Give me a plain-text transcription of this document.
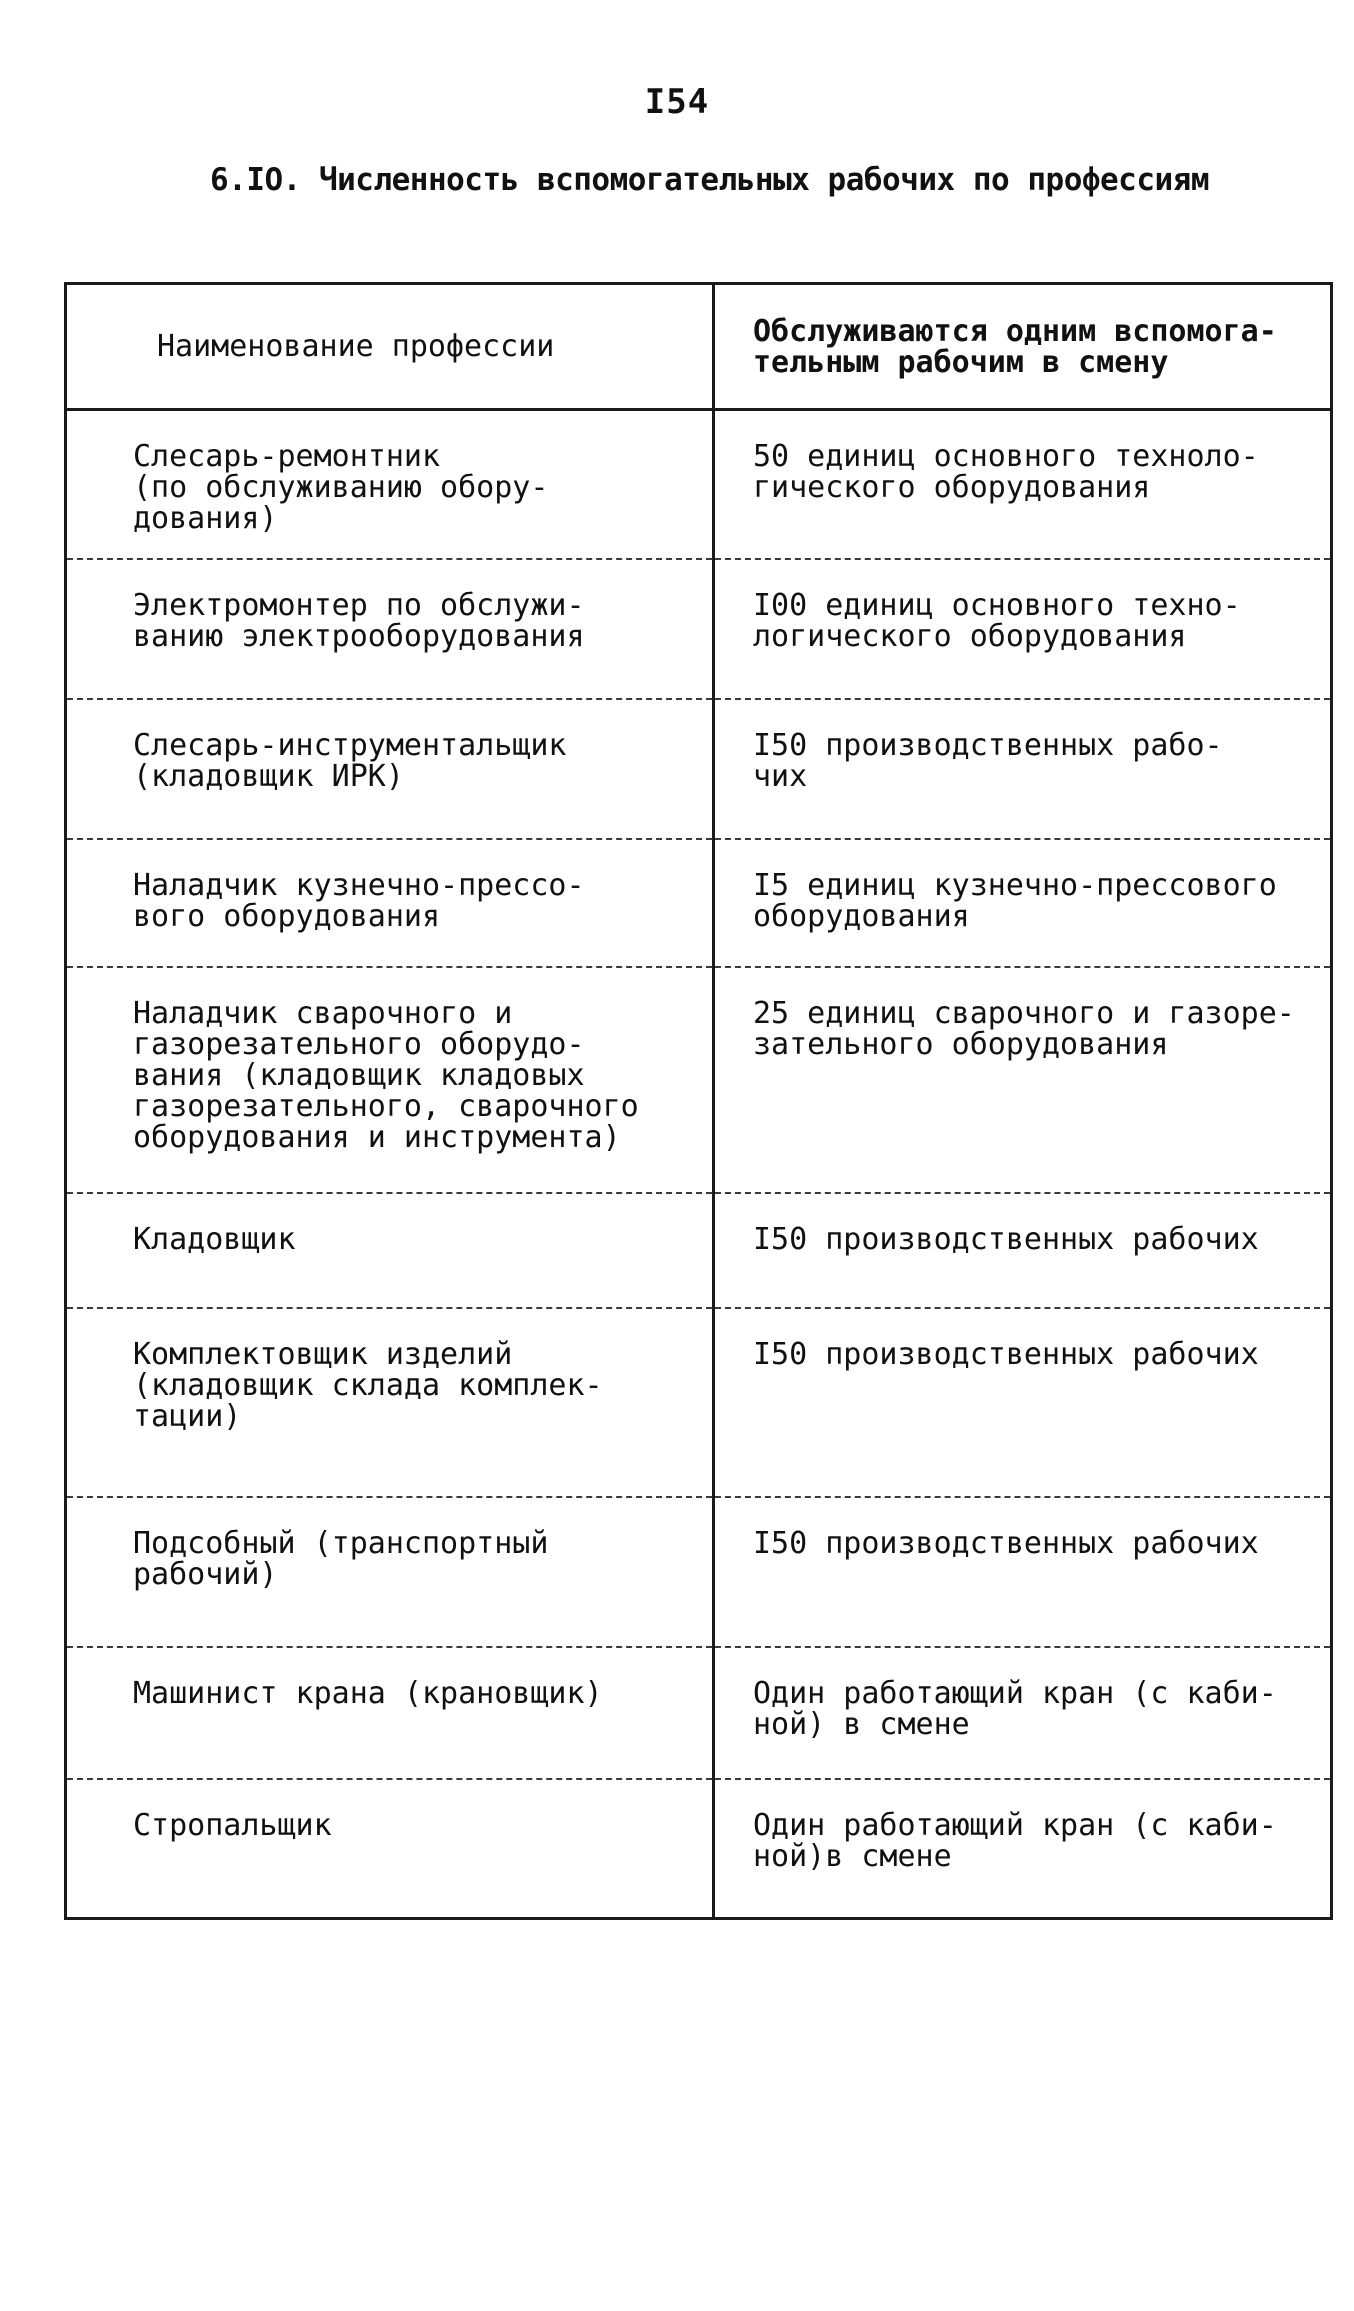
I54
6.IO. Численность вспомогательных рабочих по профессиям
Наименование профессии	Обслуживаются одним вспомога-
тельным рабочим в смену

Слесарь-ремонтник
(по обслуживанию обору-
дования)	50 единиц основного техноло-
гического оборудования

Электромонтер по обслужи-
ванию электрооборудования	I00 единиц основного техно-
логического оборудования

Слесарь-инструментальщик
(кладовщик ИРК)	I50 производственных рабо-
чих

Наладчик кузнечно-прессо-
вого оборудования	I5 единиц кузнечно-прессового
оборудования

Наладчик сварочного и
газорезательного оборудо-
вания (кладовщик кладовых
газорезательного, сварочного
оборудования и инструмента)	25 единиц сварочного и газоре-
зательного оборудования

Кладовщик	I50 производственных рабочих

Комплектовщик изделий
(кладовщик склада комплек-
тации)	I50 производственных рабочих

Подсобный (транспортный
рабочий)	I50 производственных рабочих

Машинист крана (крановщик)	Один работающий кран (с каби-
ной) в смене

Стропальщик	Один работающий кран (с каби-
ной)в смене
